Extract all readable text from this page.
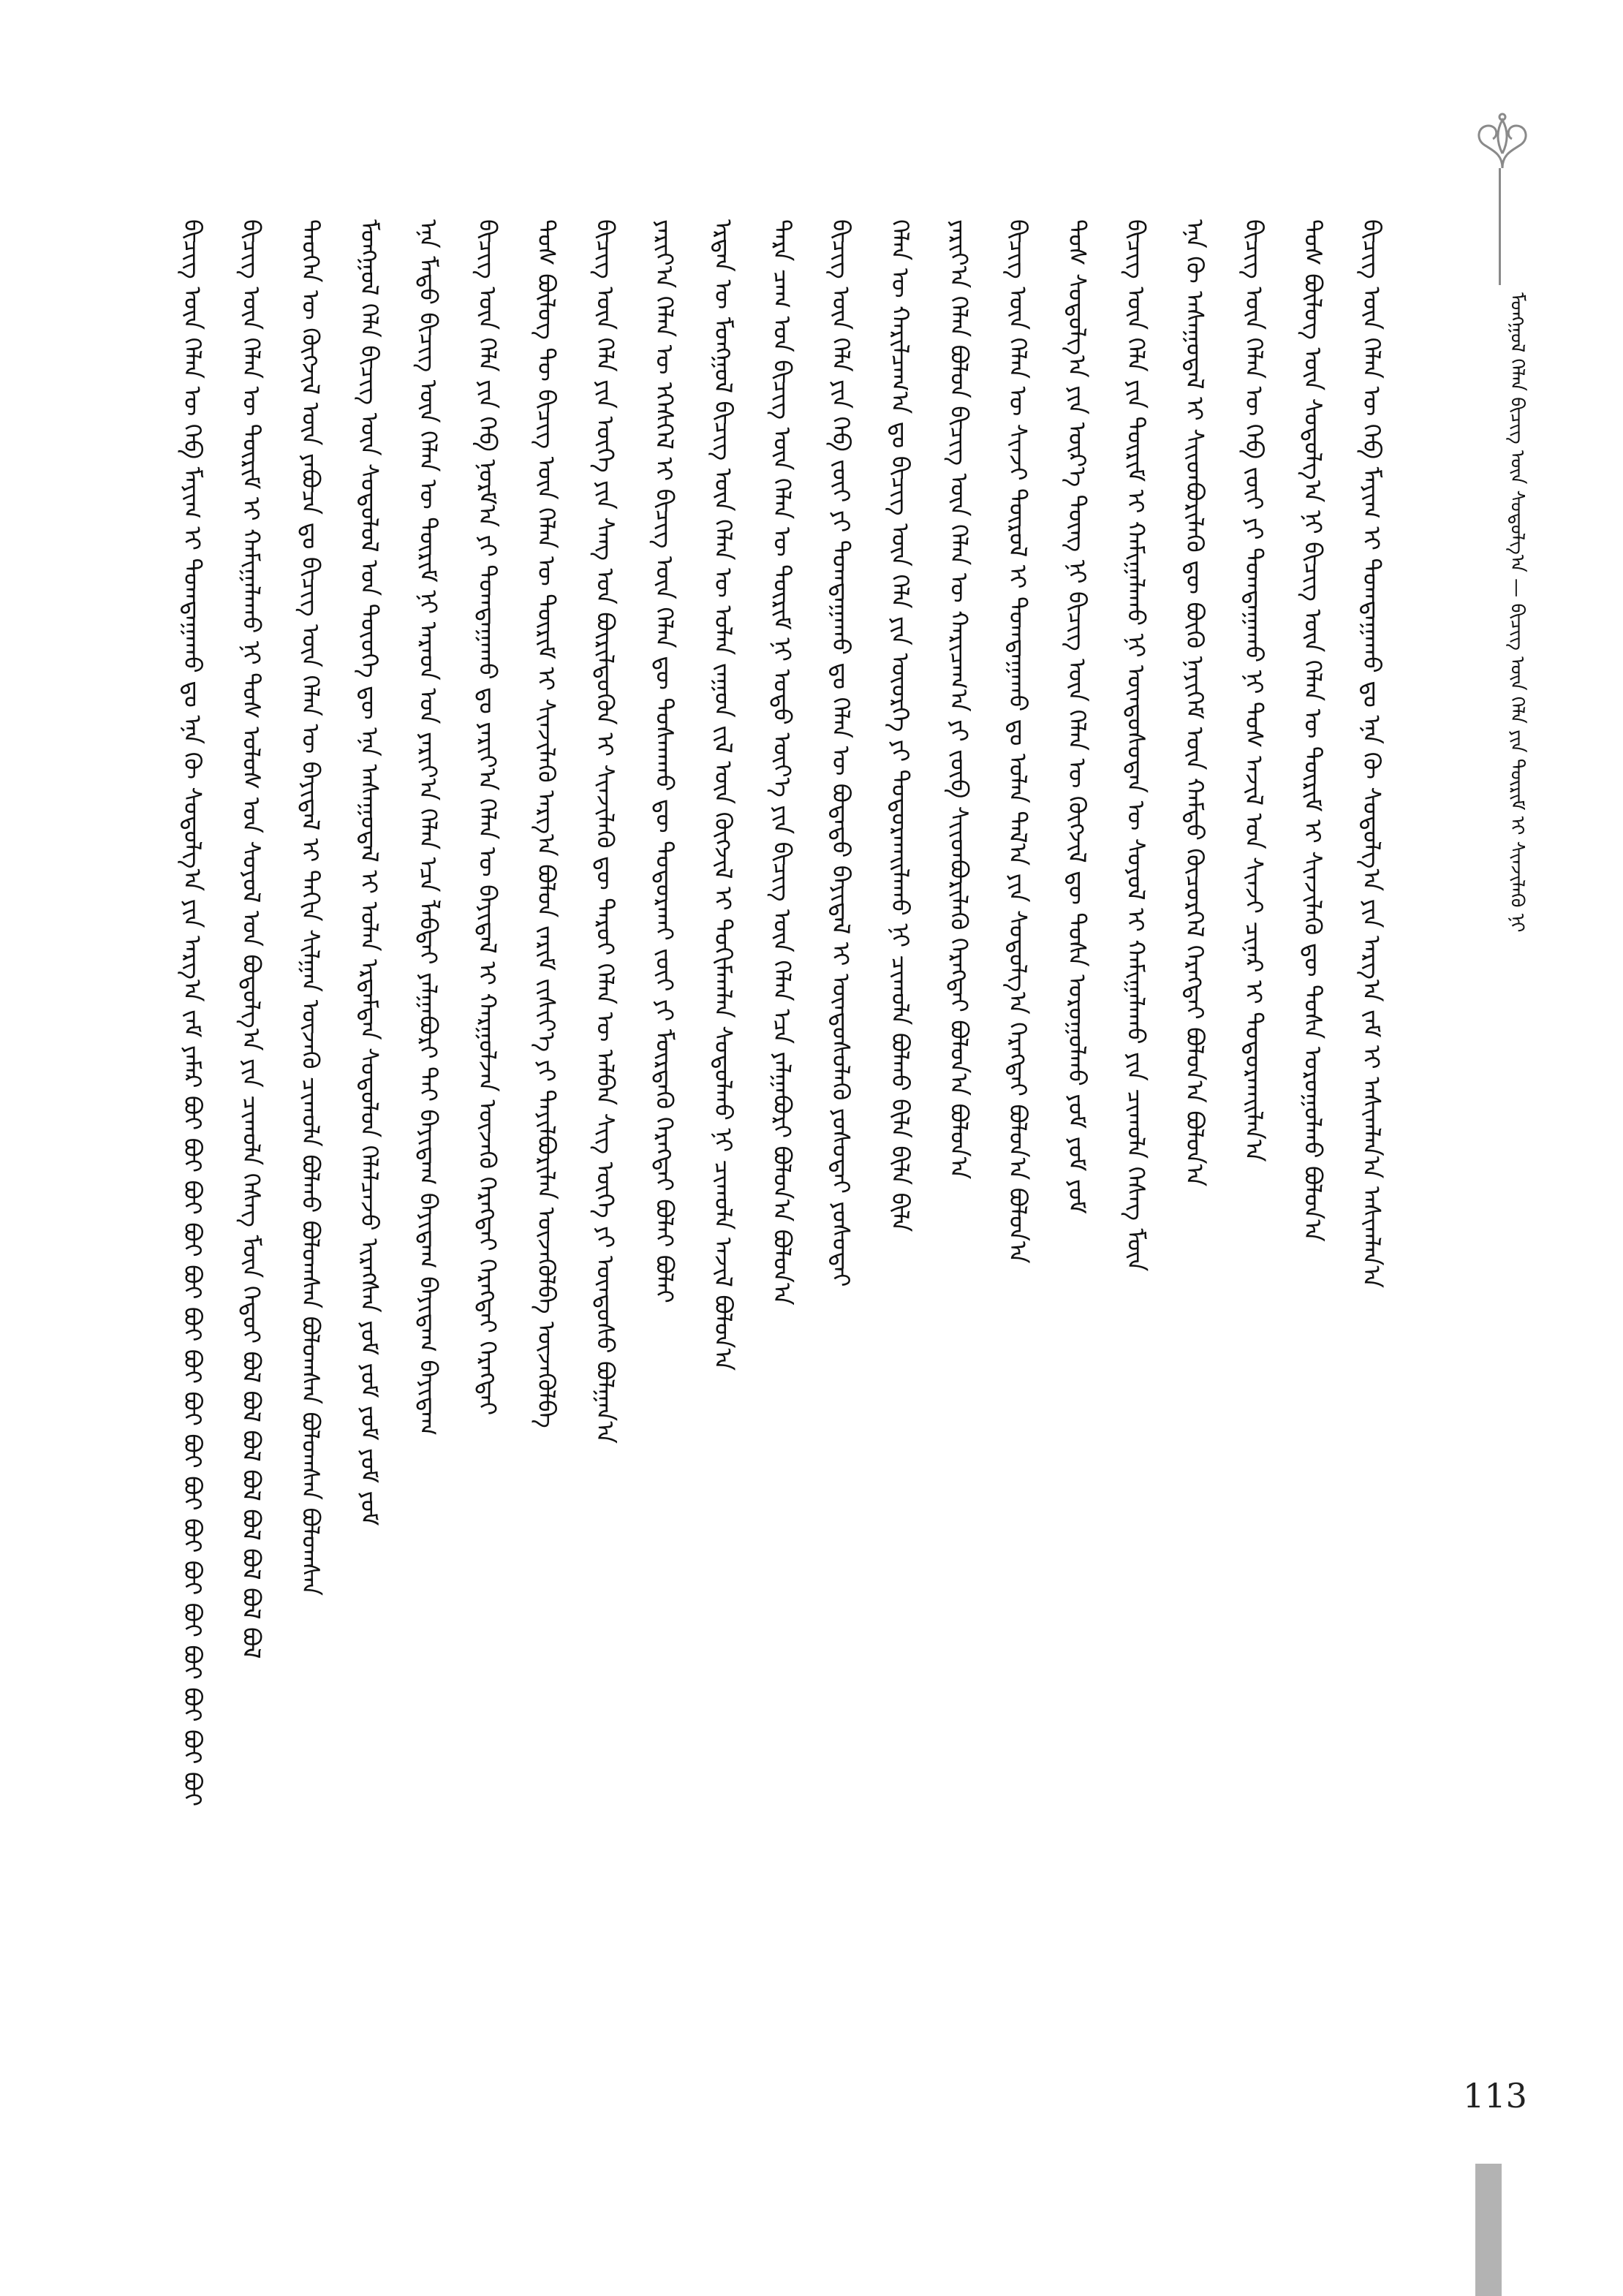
ᠮᠣᠩᠭᠣᠯ ᠬᠡᠯᠡᠨ ᠪᠢᠴᠢᠭ ᠦᠨ ᠰᠣᠳᠤᠯᠭ᠎ᠠ — ᠪᠢᠴᠢᠭ ᠦᠨ ᠬᠡᠯᠡ ᠶᠢᠨ ᠳᠦᠷᠢᠮ ᠢ ᠰᠢᠨᠵᠢᠯᠡᠬᠦ ᠨᠢ
ᠪᠢᠴᠢᠭ ᠦᠨ ᠬᠡᠯᠡᠨ ᠦ ᠬᠡᠪ ᠮᠠᠶᠢᠭ ᠢ ᠲᠣᠭᠲᠠᠭᠠᠬᠤ ᠳᠤ ᠡᠨᠡ ᠬᠦ ᠰᠤᠳᠤᠯᠭ᠎ᠠ ᠶᠢᠨ ᠠᠷᠭ᠎ᠠ ᠵᠠᠮ ᠶᠠᠮᠠᠷ ᠪᠤᠢ ᠪᠤᠢ ᠪᠤᠢ ᠪᠤᠢ ᠪᠤᠢ ᠪᠤᠢ ᠪᠤᠢ ᠪᠤᠢ ᠪᠤᠢ ᠪᠤᠢ ᠪᠤᠢ ᠪᠤᠢ ᠪᠤᠢ ᠪᠤᠢ ᠪᠤᠢ ᠪᠤᠢ ᠪᠤᠢ ᠪᠢᠴᠢᠭ ᠦᠨ ᠬᠡᠯᠡᠨ ᠦ ᠳᠦᠷᠢᠮ ᠢ ᠬᠠᠮᠢᠭᠠᠯᠠᠬᠤ ᠨᠢ ᠲᠤᠰ ᠤᠯᠤᠰ ᠤᠨ ᠰᠤᠶᠤᠯ ᠤᠨ ᠪᠣᠳᠣᠯᠭ᠎ᠠ ᠶᠢᠨ ᠴᠢᠬᠤᠯᠠ ᠬᠡᠰᠡᠭ ᠮᠥᠨ ᠬᠡᠳᠦᠢ ᠪᠣᠯ ᠪᠣᠯ ᠪᠣᠯ ᠪᠣᠯ ᠪᠣᠯ ᠪᠣᠯ ᠪᠣᠯ ᠪᠣᠯ ᠲᠡᠦᠬᠡᠨ ᠦ ᠬᠥᠭᠵᠢᠯ ᠦᠨ ᠶᠠᠪᠣᠴᠠ ᠳᠤ ᠪᠢᠴᠢᠭ ᠦᠨ ᠬᠡᠯᠡᠨ ᠦ ᠪᠠᠶᠢᠳᠠᠯ ᠢ ᠳᠠᠬᠢᠨ ᠰᠢᠯᠭᠠᠨ ᠦᠵᠡᠬᠦ ᠴᠢᠬᠤᠯᠠ ᠪᠣᠯᠬᠤ ᠪᠣᠯᠤᠭᠰᠠᠨ ᠪᠣᠯᠤᠭᠰᠠᠨ ᠪᠣᠯᠤᠭᠰᠠᠨ ᠪᠣᠯᠤᠭᠰᠠᠨ ᠮᠣᠩᠭᠣᠯ ᠬᠡᠯᠡ ᠪᠢᠴᠢᠭ ᠦᠨ ᠰᠤᠳᠤᠯᠤᠯ ᠤᠨ ᠲᠦᠦᠬᠡ ᠳᠦ ᠡᠨᠡ ᠠᠰᠠᠭᠤᠳᠠᠯ ᠢ ᠣᠯᠠᠨ ᠡᠷᠳᠡᠮᠲᠡᠨ ᠰᠤᠳᠤᠯᠤᠨ ᠬᠡᠯᠡᠯᠴᠡᠵᠦ ᠢᠷᠡᠭᠰᠡᠨ ᠶᠤᠮ ᠶᠤᠮ ᠶᠤᠮ ᠶᠤᠮ ᠶᠤᠮ ᠡᠨᠡ ᠮᠡᠲᠦ ᠪᠢᠴᠢᠭ ᠦᠨ ᠬᠡᠯᠡᠨ ᠦ ᠳᠦᠷᠢᠮ ᠨᠢ ᠠᠷᠠᠳ ᠤᠨ ᠶᠠᠷᠢᠶ᠎ᠠ ᠬᠡᠯᠡᠨ ᠡᠴᠡ ᠯᠠᠪᠲᠠᠢ ᠶᠠᠯᠭᠠᠪᠣᠷᠢ ᠲᠠᠢ ᠪᠠᠶᠢᠳᠠᠭ ᠪᠠᠶᠢᠳᠠᠭ ᠪᠠᠶᠢᠳᠠᠭ ᠪᠠᠶᠢᠳᠠᠭ ᠪᠢᠴᠢᠭ ᠦᠨ ᠬᠡᠯᠡ ᠶᠢᠨ ᠬᠡᠪ ᠨᠣᠷᠮ᠎ᠠ ᠶᠢ ᠲᠣᠭᠲᠠᠭᠠᠬᠤ ᠳᠤ ᠶᠠᠷᠢᠶ᠎ᠠ ᠬᠡᠯᠡᠨ ᠦ ᠪᠠᠶᠢᠳᠠᠯ ᠢ ᠬᠠᠷᠭᠤᠯᠵᠠᠨ ᠦᠵᠡᠬᠦ ᠬᠡᠷᠡᠭᠲᠡᠢ ᠬᠡᠷᠡᠭᠲᠡᠢ ᠬᠡᠷᠡᠭᠲᠡᠢ ᠲᠤᠰ ᠪᠦᠯᠦᠭ ᠲᠦ ᠪᠢᠴᠢᠭ ᠦᠨ ᠬᠡᠯᠡᠨ ᠦ ᠳᠦᠷᠢᠮ ᠢ ᠰᠢᠨᠵᠢᠯᠡᠬᠦ ᠠᠷᠭ᠎ᠠ ᠪᠣᠯᠣᠨ ᠵᠠᠷᠢᠮ ᠵᠢᠱᠢᠶ᠎ᠡ ᠶᠢ ᠲᠠᠶᠢᠯᠪᠤᠷᠢᠯᠠᠨ ᠦᠵᠡᠭᠦᠯᠪᠡ ᠦᠵᠡᠭᠦᠯᠪᠡ ᠪᠢᠴᠢᠭ ᠦᠨ ᠬᠡᠯᠡ ᠶᠢᠨ ᠦᠭᠡ ᠶᠢᠨ ᠰᠠᠩ ᠤᠨ ᠪᠦᠷᠢᠯᠳᠦᠭᠦᠨ ᠢ ᠰᠢᠨᠵᠢᠯᠡᠬᠦ ᠳᠦ ᠳᠠᠷᠤᠢ ᠬᠡᠯᠡᠨ ᠦ ᠠᠯᠪᠠᠨ ᠰᠢᠭ ᠦᠭᠡ ᠶᠢ ᠦᠨᠳᠦᠰᠦ ᠪᠣᠯᠭᠠᠨ᠎ᠠ ᠶᠠᠷᠢᠶ᠎ᠠ ᠬᠡᠯᠡᠨ ᠦ ᠡᠭᠡᠰᠭᠡᠯ ᠢ ᠪᠢᠴᠢᠭ ᠦᠨ ᠬᠡᠯᠡᠨ ᠳᠦ ᠲᠤᠰᠬᠠᠬᠤ ᠳᠦ ᠲᠣᠳᠤᠷᠬᠠᠢ ᠵᠦᠢ ᠶᠢ ᠮᠥᠷᠳᠡᠬᠦ ᠬᠡᠷᠡᠭᠲᠡᠢ ᠪᠣᠯᠠᠢ ᠪᠣᠯᠠᠢ ᠡᠷᠲᠡᠨ ᠦ ᠮᠣᠩᠭᠣᠯ ᠪᠢᠴᠢᠭ ᠦᠨ ᠬᠡᠯᠡᠨ ᠦ ᠣᠯᠠᠨ ᠵᠠᠭᠤᠨ ᠵᠢᠯ ᠦᠨ ᠬᠥᠭᠵᠢᠯ ᠢ ᠲᠣᠭᠢᠮᠠᠭᠯᠠᠨ ᠰᠤᠳᠤᠯᠬᠤ ᠨᠢ ᠴᠢᠬᠤᠯᠠ ᠠᠵᠢᠯ ᠪᠣᠯᠣᠨ᠎ᠠ ᠲᠡᠷᠡ ᠴᠠᠭ ᠤᠨ ᠪᠢᠴᠢᠭ ᠦᠨ ᠬᠡᠯᠡᠨ ᠦ ᠳᠦᠷᠢᠮ ᠨᠢ ᠣᠳᠣ ᠦᠶ᠎ᠡ ᠶᠢᠨ ᠪᠢᠴᠢᠭ ᠦᠨ ᠬᠡᠯᠡᠨ ᠡᠴᠡ ᠶᠠᠯᠭᠠᠪᠣᠷᠢ ᠪᠣᠯᠤᠨ᠎ᠠ ᠪᠣᠯᠤᠨ᠎ᠠ ᠪᠢᠴᠢᠭ ᠦᠨ ᠬᠡᠯᠡ ᠶᠢᠨ ᠬᠡᠪ ᠵᠦᠢ ᠶᠢ ᠲᠣᠭᠲᠠᠭᠠᠬᠤ ᠳᠤ ᠬᠡᠯᠡᠨ ᠦ ᠪᠣᠳᠠᠲᠤ ᠪᠠᠶᠢᠳᠠᠯ ᠢ ᠦᠨᠳᠦᠰᠦᠯᠡᠬᠦ ᠶᠤᠰᠤᠲᠠᠢ ᠶᠤᠰᠤᠲᠠᠢ ᠬᠡᠯᠡᠨ ᠦ ᠬᠠᠷᠢᠯᠴᠠᠭ᠎ᠠ ᠳᠤ ᠪᠢᠴᠢᠭ ᠦᠨ ᠬᠡᠯᠡ ᠶᠢᠨ ᠦᠦᠷᠭᠡ ᠶᠢ ᠲᠣᠳᠤᠷᠬᠠᠢᠯᠠᠬᠤ ᠨᠢ ᠴᠢᠬᠤᠯᠠ ᠪᠣᠯᠬᠤ ᠪᠢᠯᠡ ᠪᠢᠯᠡ ᠪᠢᠯᠡ ᠶᠠᠷᠢᠶ᠎ᠠ ᠬᠡᠯᠡᠨ ᠪᠣᠯᠣᠨ ᠪᠢᠴᠢᠭ ᠦᠨ ᠬᠡᠯᠡᠨ ᠦ ᠬᠠᠷᠢᠴᠠᠭ᠎ᠠ ᠶᠢ ᠵᠥᠪ ᠰᠢᠢᠳᠪᠦᠷᠢᠯᠡᠬᠦ ᠬᠡᠷᠡᠭᠲᠡᠢ ᠪᠣᠯᠤᠨ᠎ᠠ ᠪᠣᠯᠤᠨ᠎ᠠ ᠪᠢᠴᠢᠭ ᠦᠨ ᠬᠡᠯᠡᠨ ᠦ ᠰᠢᠨᠵᠢ ᠲᠥᠷᠦᠯ ᠢ ᠲᠣᠭᠲᠠᠭᠠᠬᠤ ᠳᠤ ᠣᠯᠠᠨ ᠲᠠᠯ᠎ᠠ ᠶᠢᠨ ᠰᠤᠳᠤᠯᠭ᠎ᠠ ᠬᠡᠷᠡᠭᠲᠡᠢ ᠪᠣᠯᠤᠨ᠎ᠠ ᠪᠣᠯᠤᠨ᠎ᠠ ᠲᠤᠰ ᠰᠤᠳᠤᠯᠭ᠎ᠠ ᠶᠢᠨ ᠦᠷ᠎ᠡ ᠳᠦᠩ ᠨᠢ ᠪᠢᠴᠢᠭ ᠦᠨ ᠬᠡᠯᠡᠨ ᠦ ᠬᠥᠭᠵᠢᠯ ᠳᠦ ᠲᠤᠰᠠ ᠣᠷᠣᠭᠤᠯᠬᠤ ᠶᠤᠮ ᠶᠤᠮ ᠶᠤᠮ ᠪᠢᠴᠢᠭ ᠦᠨ ᠬᠡᠯᠡ ᠶᠢᠨ ᠳᠦᠷᠢᠮ ᠢ ᠬᠠᠮᠢᠭᠠᠯᠠᠬᠤ ᠨᠢ ᠦᠨᠳᠦᠰᠦᠲᠡᠨ ᠦ ᠰᠣᠶᠣᠯ ᠢ ᠬᠠᠮᠢᠭᠠᠯᠠᠬᠤ ᠶᠢᠨ ᠴᠢᠬᠤᠯᠠ ᠬᠡᠰᠡᠭ ᠮᠥᠨ ᠡᠨᠡ ᠬᠦ ᠠᠰᠠᠭᠤᠳᠠᠯ ᠢ ᠰᠢᠢᠳᠪᠦᠷᠢᠯᠡᠬᠦ ᠳᠦ ᠪᠦᠬᠦ ᠨᠡᠶᠢᠭᠡᠮ ᠦᠨ ᠬᠠᠮᠲᠤ ᠬᠦᠴᠦᠷᠬᠡᠯ ᠬᠡᠷᠡᠭᠲᠡᠢ ᠪᠣᠯᠤᠨ᠎ᠠ ᠪᠣᠯᠤᠨ᠎ᠠ ᠪᠢᠴᠢᠭ ᠦᠨ ᠬᠡᠯᠡᠨ ᠦ ᠬᠡᠪ ᠵᠦᠢ ᠶᠢ ᠲᠣᠭᠲᠠᠭᠠᠬᠤ ᠨᠢ ᠲᠤᠰ ᠠᠵᠢᠯ ᠤᠨ ᠰᠢᠨᠵᠢ ᠴᠢᠨᠠᠷ ᠢ ᠲᠣᠳᠤᠷᠬᠠᠢᠯᠠᠨ᠎ᠠ ᠲᠤᠰ ᠪᠦᠯᠦᠭ ᠦᠨ ᠰᠤᠳᠤᠯᠭ᠎ᠠ ᠨᠢ ᠪᠢᠴᠢᠭ ᠦᠨ ᠬᠡᠯᠡᠨ ᠦ ᠳᠦᠷᠢᠮ ᠢ ᠰᠢᠨᠵᠢᠯᠡᠬᠦ ᠳᠦ ᠲᠤᠰᠠ ᠣᠷᠣᠭᠤᠯᠬᠤ ᠪᠣᠯᠤᠨ᠎ᠠ ᠪᠢᠴᠢᠭ ᠦᠨ ᠬᠡᠯᠡᠨ ᠦ ᠬᠡᠪ ᠮᠠᠶᠢᠭ ᠢ ᠲᠣᠭᠲᠠᠭᠠᠬᠤ ᠳᠤ ᠡᠨᠡ ᠬᠦ ᠰᠤᠳᠤᠯᠭ᠎ᠠ ᠶᠢᠨ ᠠᠷᠭ᠎ᠠ ᠵᠠᠮ ᠢ ᠠᠰᠢᠭᠯᠠᠨ᠎ᠠ ᠠᠰᠢᠭᠯᠠᠨ᠎ᠠ
113
